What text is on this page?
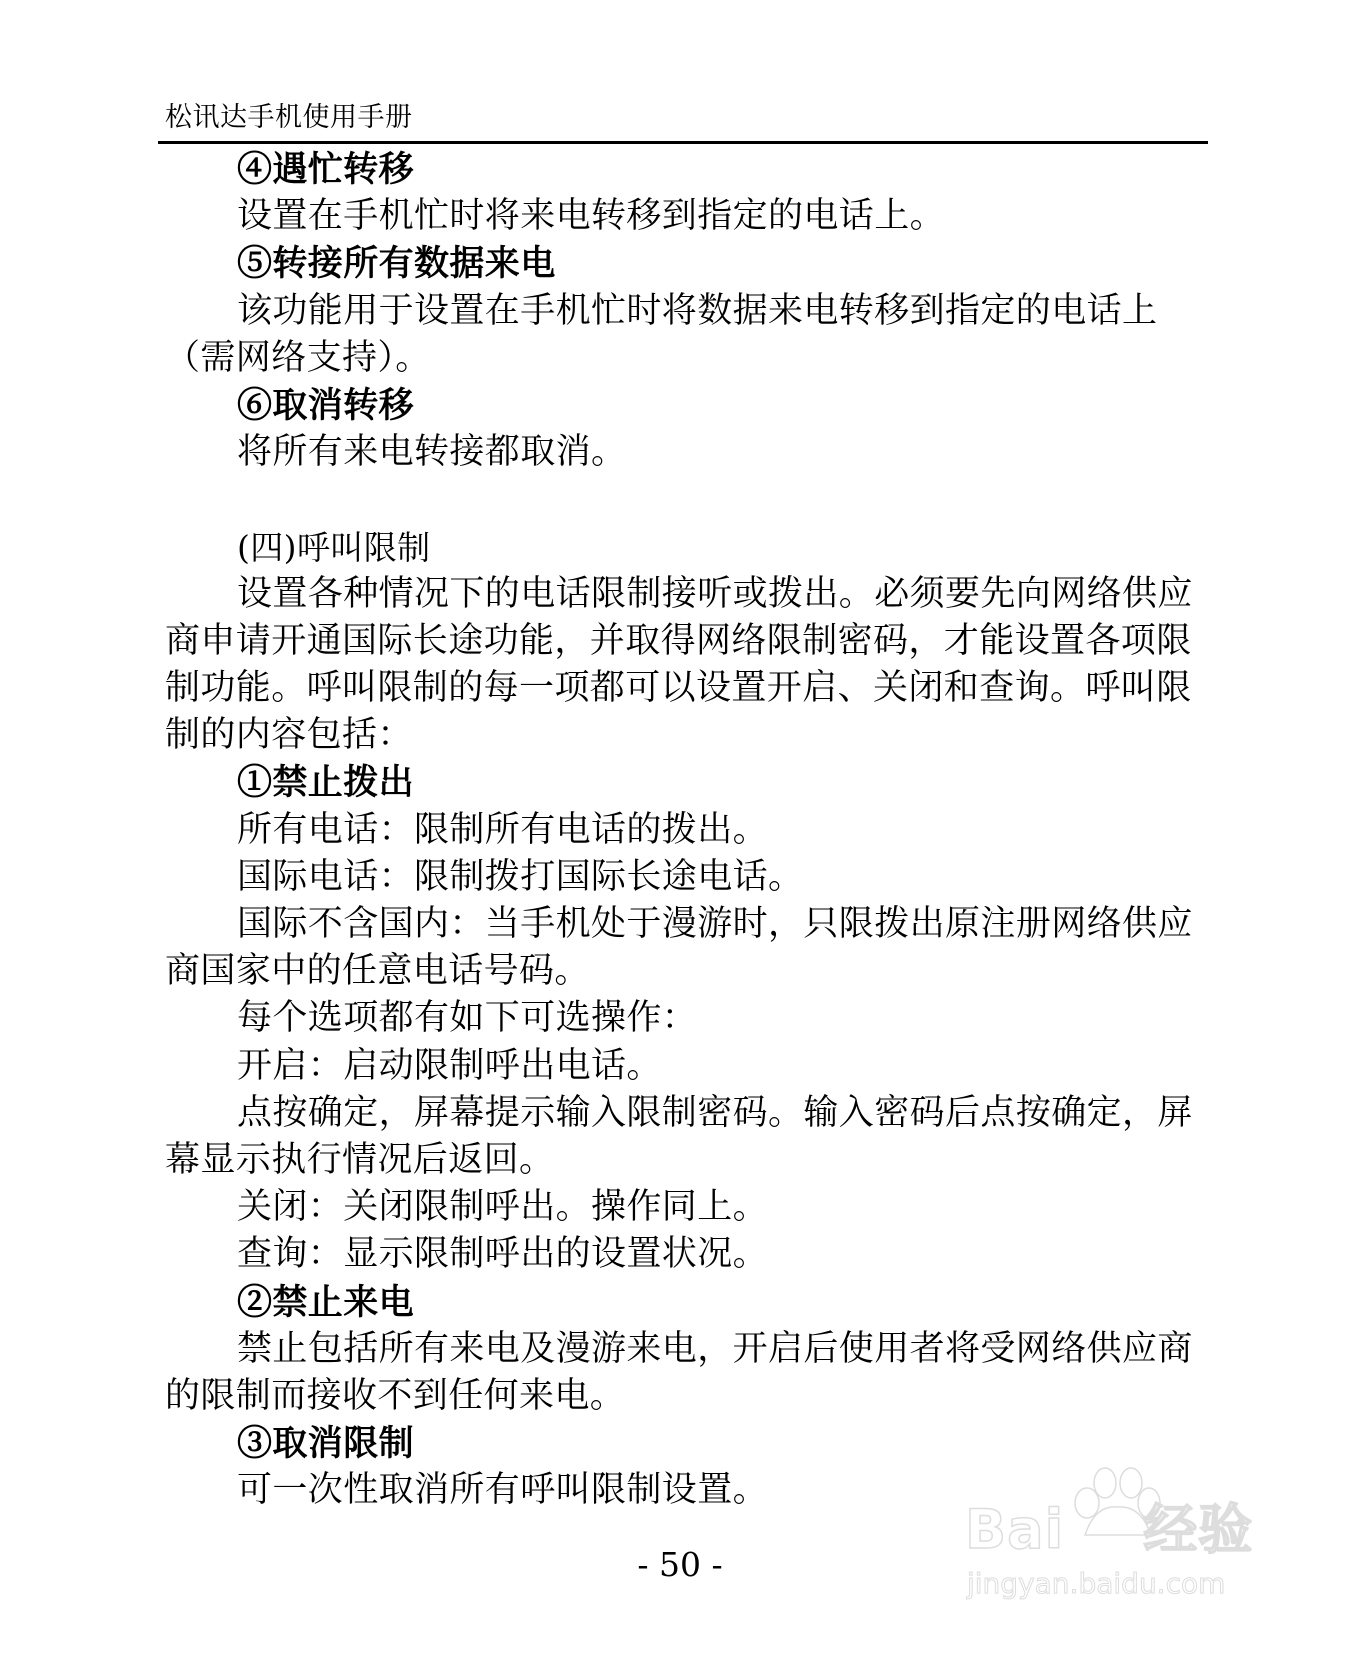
松讯达手机使用手册
④遇忙转移
设置在手机忙时将来电转移到指定的电话上。
⑤转接所有数据来电
该功能用于设置在手机忙时将数据来电转移到指定的电话上
（需网络支持）。
⑥取消转移
将所有来电转接都取消。
(四)呼叫限制
设置各种情况下的电话限制接听或拨出。必须要先向网络供应
商申请开通国际长途功能，并取得网络限制密码，才能设置各项限
制功能。呼叫限制的每一项都可以设置开启、关闭和查询。呼叫限
制的内容包括：
①禁止拨出
所有电话：限制所有电话的拨出。
国际电话：限制拨打国际长途电话。
国际不含国内：当手机处于漫游时，只限拨出原注册网络供应
商国家中的任意电话号码。
每个选项都有如下可选操作：
开启：启动限制呼出电话。
点按确定，屏幕提示输入限制密码。输入密码后点按确定，屏
幕显示执行情况后返回。
关闭：关闭限制呼出。操作同上。
查询：显示限制呼出的设置状况。
②禁止来电
禁止包括所有来电及漫游来电，开启后使用者将受网络供应商
的限制而接收不到任何来电。
③取消限制
可一次性取消所有呼叫限制设置。
- 50 -
Bai    经验
jingyan.baidu.com
